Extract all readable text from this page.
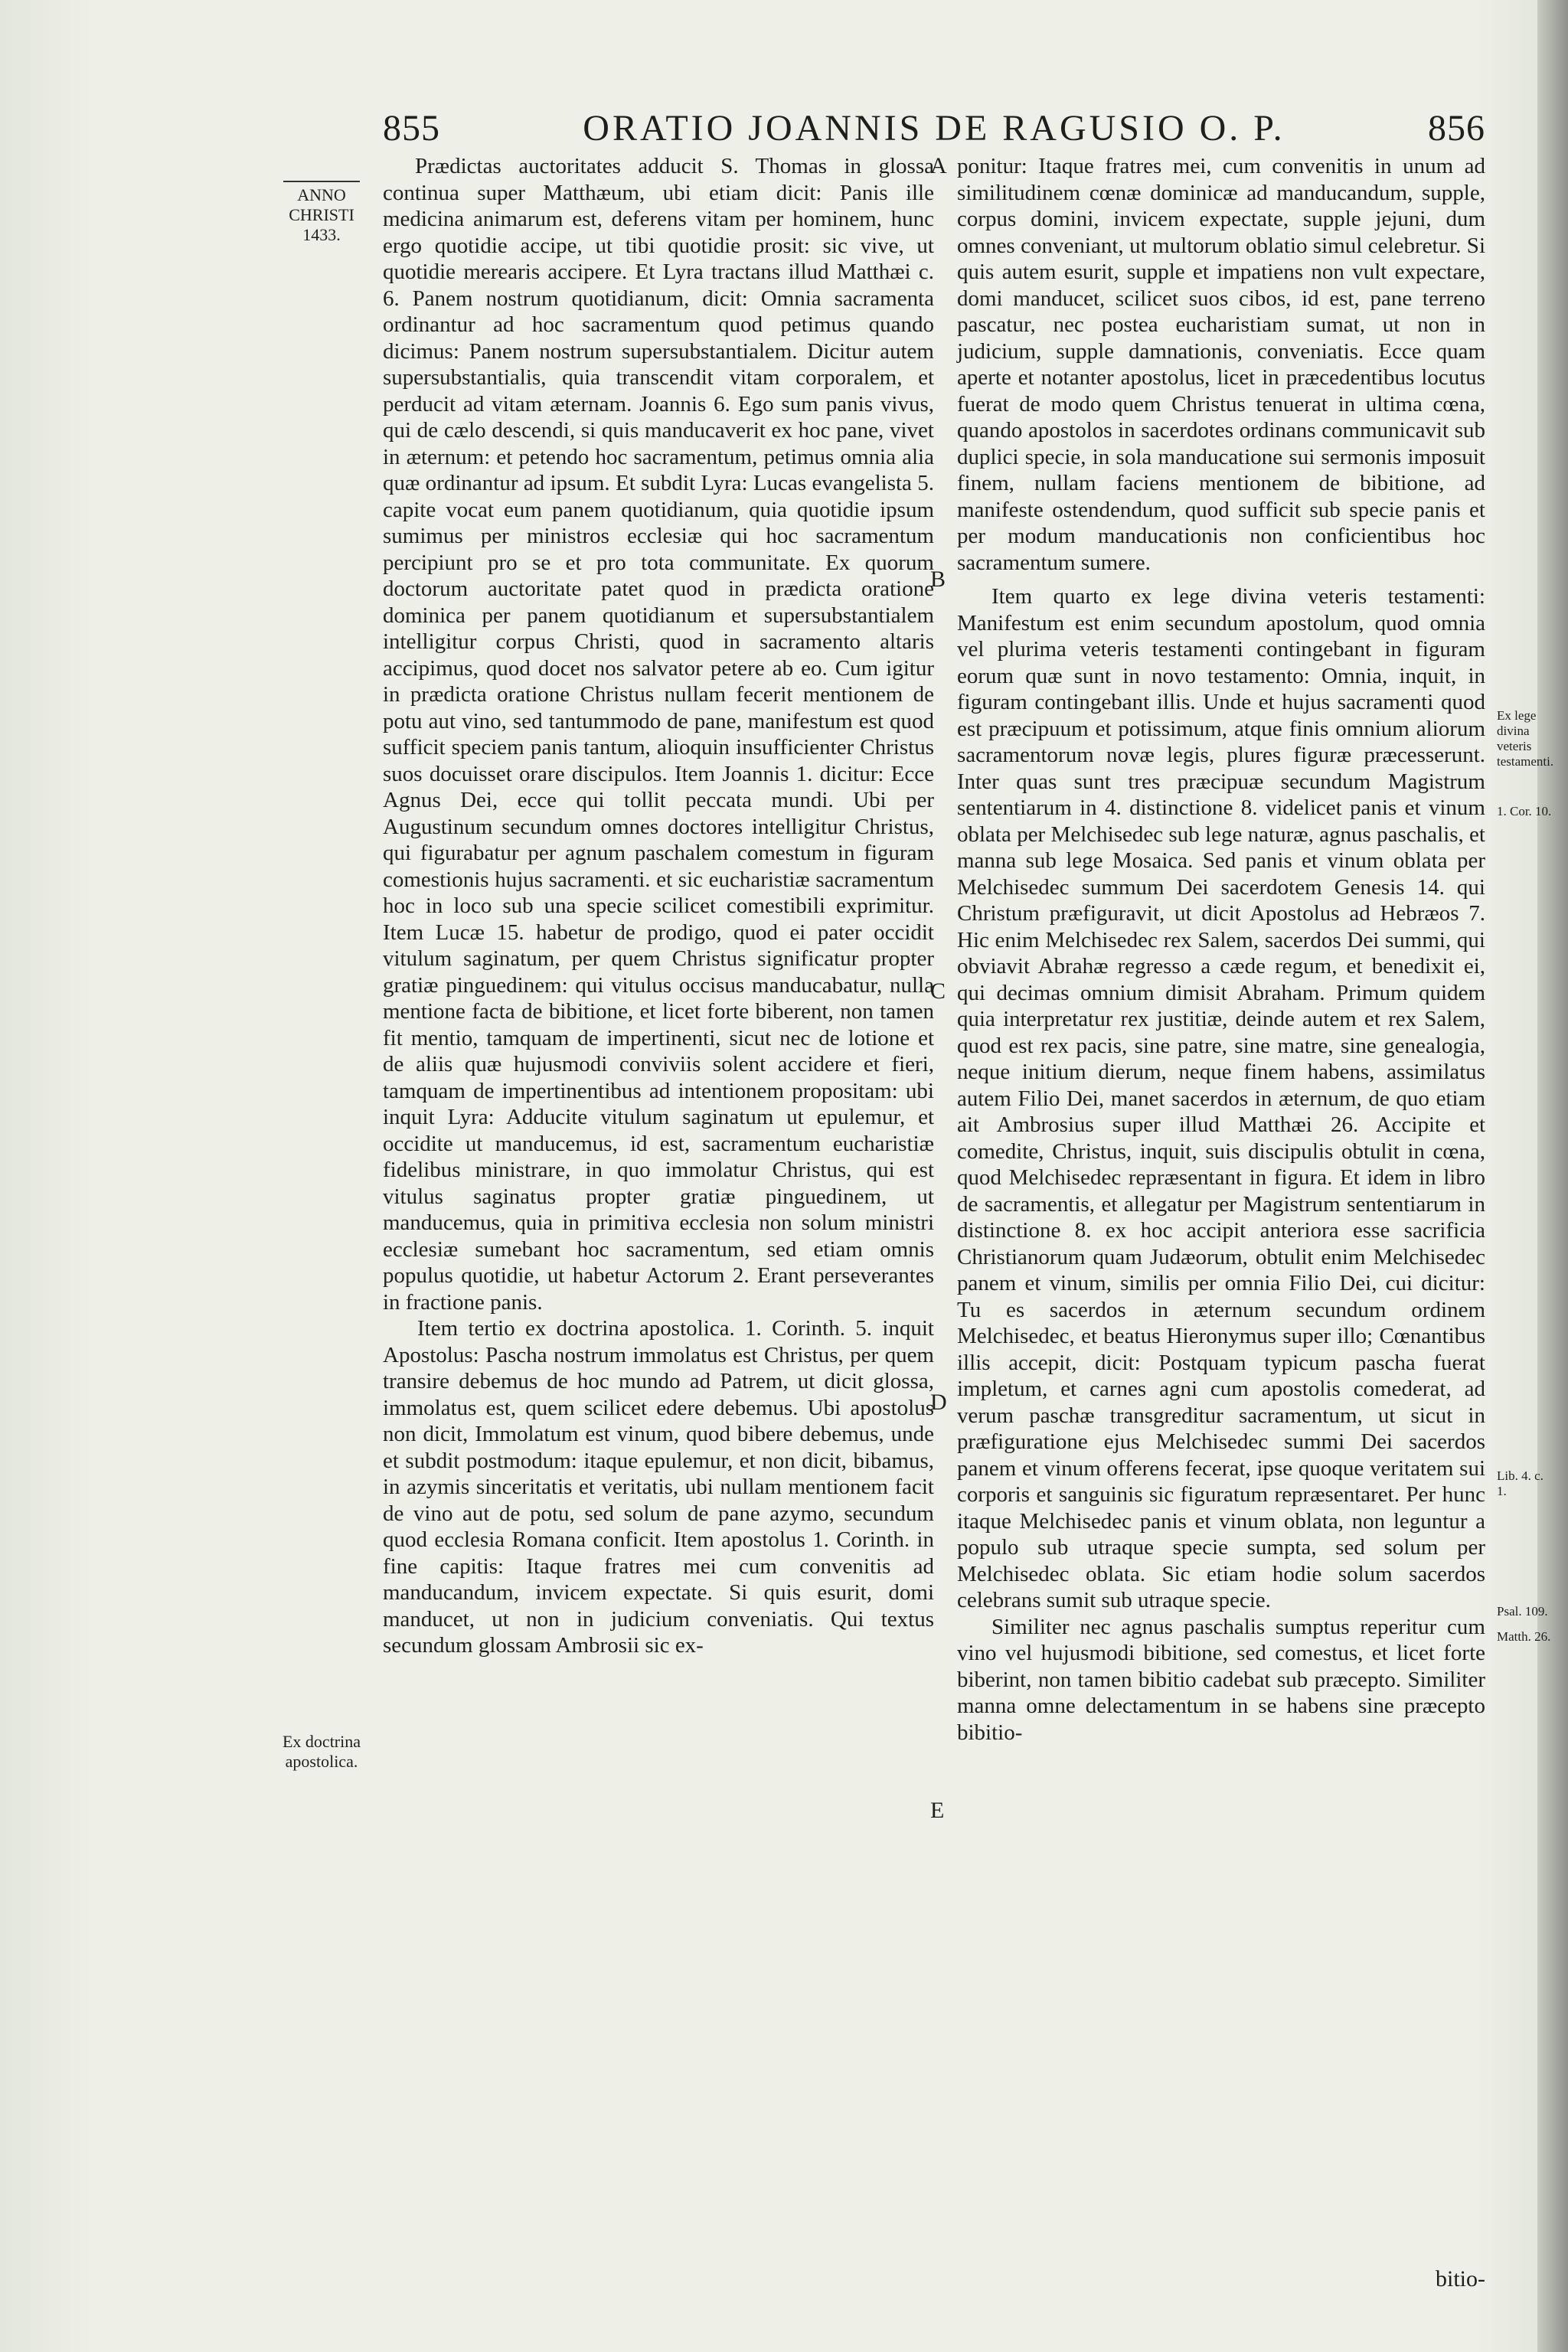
855	ORATIO JOANNIS DE RAGUSIO O. P.	856
ANNO CHRISTI 1433.
Ex doctrina apostolica.
A
B
C
D
E

Prædictas auctoritates adducit S. Thomas in glossa continua super Matthæum, ubi etiam dicit: Panis ille medicina animarum est, deferens vitam per hominem, hunc ergo quotidie accipe, ut tibi quotidie prosit: sic vive, ut quotidie merearis accipere. Et Lyra tractans illud Matthæi c. 6. Panem nostrum quotidianum, dicit: Omnia sacramenta ordinantur ad hoc sacramentum quod petimus quando dicimus: Panem nostrum supersubstantialem. Dicitur autem supersubstantialis, quia transcendit vitam corporalem, et perducit ad vitam æternam. Joannis 6. Ego sum panis vivus, qui de cælo descendi, si quis manducaverit ex hoc pane, vivet in æternum: et petendo hoc sacramentum, petimus omnia alia quæ ordinantur ad ipsum. Et subdit Lyra: Lucas evangelista 5. capite vocat eum panem quotidianum, quia quotidie ipsum sumimus per ministros ecclesiæ qui hoc sacramentum percipiunt pro se et pro tota communitate. Ex quorum doctorum auctoritate patet quod in prædicta oratione dominica per panem quotidianum et supersubstantialem intelligitur corpus Christi, quod in sacramento altaris accipimus, quod docet nos salvator petere ab eo. Cum igitur in prædicta oratione Christus nullam fecerit mentionem de potu aut vino, sed tantummodo de pane, manifestum est quod sufficit speciem panis tantum, alioquin insufficienter Christus suos docuisset orare discipulos. Item Joannis 1. dicitur: Ecce Agnus Dei, ecce qui tollit peccata mundi. Ubi per Augustinum secundum omnes doctores intelligitur Christus, qui figurabatur per agnum paschalem comestum in figuram comestionis hujus sacramenti. et sic eucharistiæ sacramentum hoc in loco sub una specie scilicet comestibili exprimitur. Item Lucæ 15. habetur de prodigo, quod ei pater occidit vitulum saginatum, per quem Christus significatur propter gratiæ pinguedinem: qui vitulus occisus manducabatur, nulla mentione facta de bibitione, et licet forte biberent, non tamen fit mentio, tamquam de impertinenti, sicut nec de lotione et de aliis quæ hujusmodi conviviis solent accidere et fieri, tamquam de impertinentibus ad intentionem propositam: ubi inquit Lyra: Adducite vitulum saginatum ut epulemur, et occidite ut manducemus, id est, sacramentum eucharistiæ fidelibus ministrare, in quo immolatur Christus, qui est vitulus saginatus propter gratiæ pinguedinem, ut manducemus, quia in primitiva ecclesia non solum ministri ecclesiæ sumebant hoc sacramentum, sed etiam omnis populus quotidie, ut habetur Actorum 2. Erant perseverantes in fractione panis.

Item tertio ex doctrina apostolica. 1. Corinth. 5. inquit Apostolus: Pascha nostrum immolatus est Christus, per quem transire debemus de hoc mundo ad Patrem, ut dicit glossa, immolatus est, quem scilicet edere debemus. Ubi apostolus non dicit, Immolatum est vinum, quod bibere debemus, unde et subdit postmodum: itaque epulemur, et non dicit, bibamus, in azymis sinceritatis et veritatis, ubi nullam mentionem facit de vino aut de potu, sed solum de pane azymo, secundum quod ecclesia Romana conficit. Item apostolus 1. Corinth. in fine capitis: Itaque fratres mei cum convenitis ad manducandum, invicem expectate. Si quis esurit, domi manducet, ut non in judicium conveniatis. Qui textus secundum glossam Ambrosii sic ex-

ponitur: Itaque fratres mei, cum convenitis in unum ad similitudinem cœnæ dominicæ ad manducandum, supple, corpus domini, invicem expectate, supple jejuni, dum omnes conveniant, ut multorum oblatio simul celebretur. Si quis autem esurit, supple et impatiens non vult expectare, domi manducet, scilicet suos cibos, id est, pane terreno pascatur, nec postea eucharistiam sumat, ut non in judicium, supple damnationis, conveniatis. Ecce quam aperte et notanter apostolus, licet in præcedentibus locutus fuerat de modo quem Christus tenuerat in ultima cœna, quando apostolos in sacerdotes ordinans communicavit sub duplici specie, in sola manducatione sui sermonis imposuit finem, nullam faciens mentionem de bibitione, ad manifeste ostendendum, quod sufficit sub specie panis et per modum manducationis non conficientibus hoc sacramentum sumere.

Item quarto ex lege divina veteris testamenti: Manifestum est enim secundum apostolum, quod omnia vel plurima veteris testamenti contingebant in figuram eorum quæ sunt in novo testamento: Omnia, inquit, in figuram contingebant illis. Unde et hujus sacramenti quod est præcipuum et potissimum, atque finis omnium aliorum sacramentorum novæ legis, plures figuræ præcesserunt. Inter quas sunt tres præcipuæ secundum Magistrum sententiarum in 4. distinctione 8. videlicet panis et vinum oblata per Melchisedec sub lege naturæ, agnus paschalis, et manna sub lege Mosaica. Sed panis et vinum oblata per Melchisedec summum Dei sacerdotem Genesis 14. qui Christum præfiguravit, ut dicit Apostolus ad Hebræos 7. Hic enim Melchisedec rex Salem, sacerdos Dei summi, qui obviavit Abrahæ regresso a cæde regum, et benedixit ei, qui decimas omnium dimisit Abraham. Primum quidem quia interpretatur rex justitiæ, deinde autem et rex Salem, quod est rex pacis, sine patre, sine matre, sine genealogia, neque initium dierum, neque finem habens, assimilatus autem Filio Dei, manet sacerdos in æternum, de quo etiam ait Ambrosius super illud Matthæi 26. Accipite et comedite, Christus, inquit, suis discipulis obtulit in cœna, quod Melchisedec repræsentant in figura. Et idem in libro de sacramentis, et allegatur per Magistrum sententiarum in distinctione 8. ex hoc accipit anteriora esse sacrificia Christianorum quam Judæorum, obtulit enim Melchisedec panem et vinum, similis per omnia Filio Dei, cui dicitur: Tu es sacerdos in æternum secundum ordinem Melchisedec, et beatus Hieronymus super illo; Cœnantibus illis accepit, dicit: Postquam typicum pascha fuerat impletum, et carnes agni cum apostolis comederat, ad verum paschæ transgreditur sacramentum, ut sicut in præfiguratione ejus Melchisedec summi Dei sacerdos panem et vinum offerens fecerat, ipse quoque veritatem sui corporis et sanguinis sic figuratum repræsentaret. Per hunc itaque Melchisedec panis et vinum oblata, non leguntur a populo sub utraque specie sumpta, sed solum per Melchisedec oblata. Sic etiam hodie solum sacerdos celebrans sumit sub utraque specie.

Similiter nec agnus paschalis sumptus reperitur cum vino vel hujusmodi bibitione, sed comestus, et licet forte biberint, non tamen bibitio cadebat sub præcepto. Similiter manna omne delectamentum in se habens sine præcepto bibitio-

Ex lege divina veteris testamenti.
1. Cor. 10.
Lib. 4. c. 1.
Psal. 109.
Matth. 26.
bitio-
